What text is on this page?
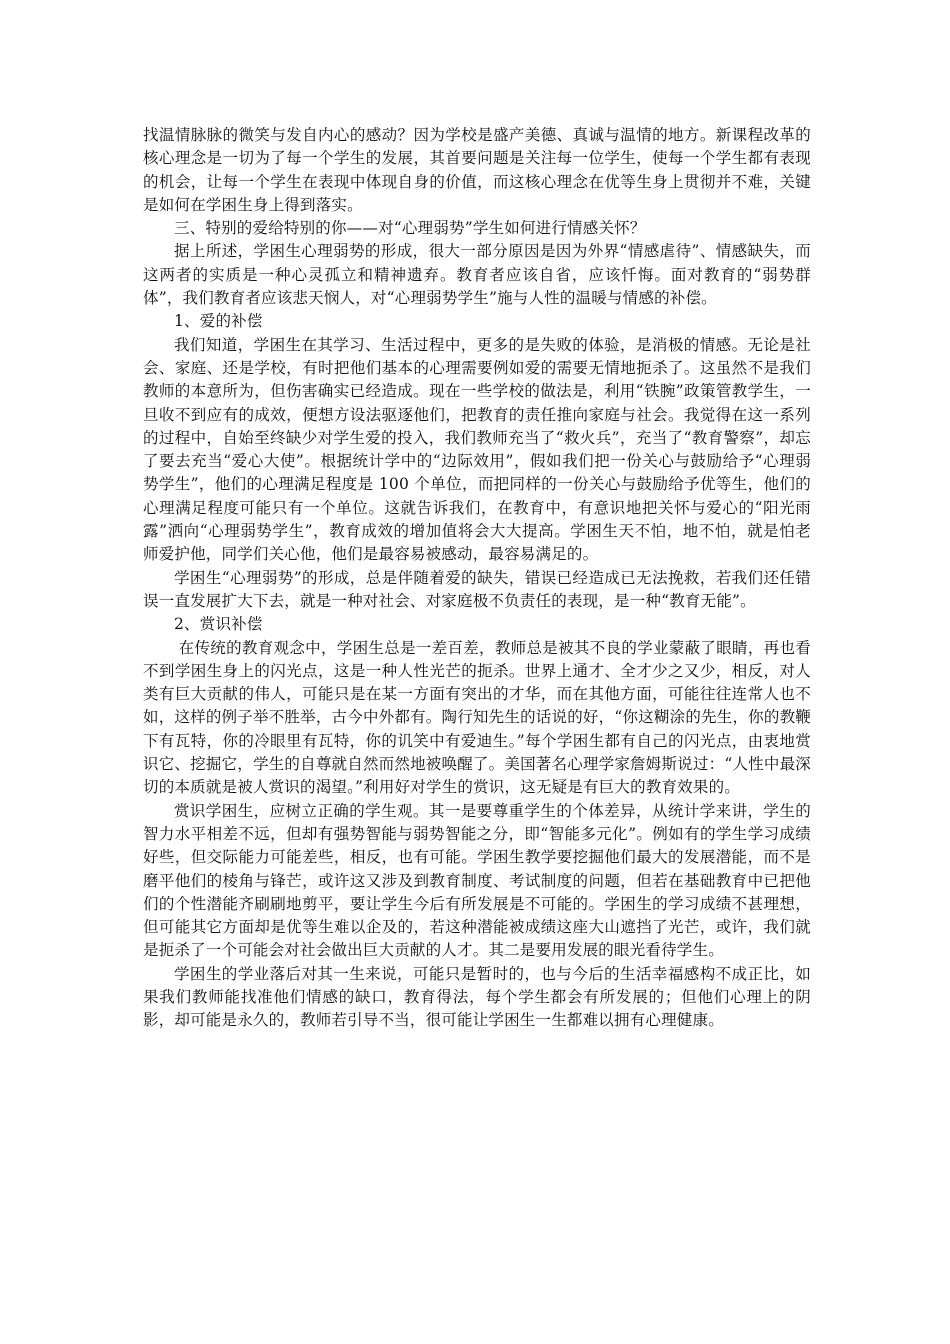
找温情脉脉的微笑与发自内心的感动？因为学校是盛产美德、真诚与温情的地方。新课程改革的核心理念是一切为了每一个学生的发展，其首要问题是关注每一位学生，使每一个学生都有表现的机会，让每一个学生在表现中体现自身的价值，而这核心理念在优等生身上贯彻并不难，关键是如何在学困生身上得到落实。

三、特别的爱给特别的你——对“心理弱势”学生如何进行情感关怀？

据上所述，学困生心理弱势的形成，很大一部分原因是因为外界“情感虐待”、情感缺失，而这两者的实质是一种心灵孤立和精神遗弃。教育者应该自省，应该忏悔。面对教育的“弱势群体”，我们教育者应该悲天悯人，对“心理弱势学生”施与人性的温暖与情感的补偿。

1、爱的补偿

我们知道，学困生在其学习、生活过程中，更多的是失败的体验，是消极的情感。无论是社会、家庭、还是学校，有时把他们基本的心理需要例如爱的需要无情地扼杀了。这虽然不是我们教师的本意所为，但伤害确实已经造成。现在一些学校的做法是，利用“铁腕”政策管教学生，一旦收不到应有的成效，便想方设法驱逐他们，把教育的责任推向家庭与社会。我觉得在这一系列的过程中，自始至终缺少对学生爱的投入，我们教师充当了“救火兵”，充当了“教育警察”，却忘了要去充当“爱心大使”。根据统计学中的“边际效用”，假如我们把一份关心与鼓励给予“心理弱势学生”，他们的心理满足程度是 100 个单位，而把同样的一份关心与鼓励给予优等生，他们的心理满足程度可能只有一个单位。这就告诉我们，在教育中，有意识地把关怀与爱心的“阳光雨露”洒向“心理弱势学生”，教育成效的增加值将会大大提高。学困生天不怕，地不怕，就是怕老师爱护他，同学们关心他，他们是最容易被感动，最容易满足的。

学困生“心理弱势”的形成，总是伴随着爱的缺失，错误已经造成已无法挽救，若我们还任错误一直发展扩大下去，就是一种对社会、对家庭极不负责任的表现，是一种“教育无能”。

2、赏识补偿

在传统的教育观念中，学困生总是一差百差，教师总是被其不良的学业蒙蔽了眼睛，再也看不到学困生身上的闪光点，这是一种人性光芒的扼杀。世界上通才、全才少之又少，相反，对人类有巨大贡献的伟人，可能只是在某一方面有突出的才华，而在其他方面，可能往往连常人也不如，这样的例子举不胜举，古今中外都有。陶行知先生的话说的好，“你这糊涂的先生，你的教鞭下有瓦特，你的冷眼里有瓦特，你的讥笑中有爱迪生。”每个学困生都有自己的闪光点，由衷地赏识它、挖掘它，学生的自尊就自然而然地被唤醒了。美国著名心理学家詹姆斯说过：“人性中最深切的本质就是被人赏识的渴望。”利用好对学生的赏识，这无疑是有巨大的教育效果的。

赏识学困生，应树立正确的学生观。其一是要尊重学生的个体差异，从统计学来讲，学生的智力水平相差不远，但却有强势智能与弱势智能之分，即“智能多元化”。例如有的学生学习成绩好些，但交际能力可能差些，相反，也有可能。学困生教学要挖掘他们最大的发展潜能，而不是磨平他们的棱角与锋芒，或许这又涉及到教育制度、考试制度的问题，但若在基础教育中已把他们的个性潜能齐刷刷地剪平，要让学生今后有所发展是不可能的。学困生的学习成绩不甚理想，但可能其它方面却是优等生难以企及的，若这种潜能被成绩这座大山遮挡了光芒，或许，我们就是扼杀了一个可能会对社会做出巨大贡献的人才。其二是要用发展的眼光看待学生。

学困生的学业落后对其一生来说，可能只是暂时的，也与今后的生活幸福感构不成正比，如果我们教师能找准他们情感的缺口，教育得法，每个学生都会有所发展的；但他们心理上的阴影，却可能是永久的，教师若引导不当，很可能让学困生一生都难以拥有心理健康。
